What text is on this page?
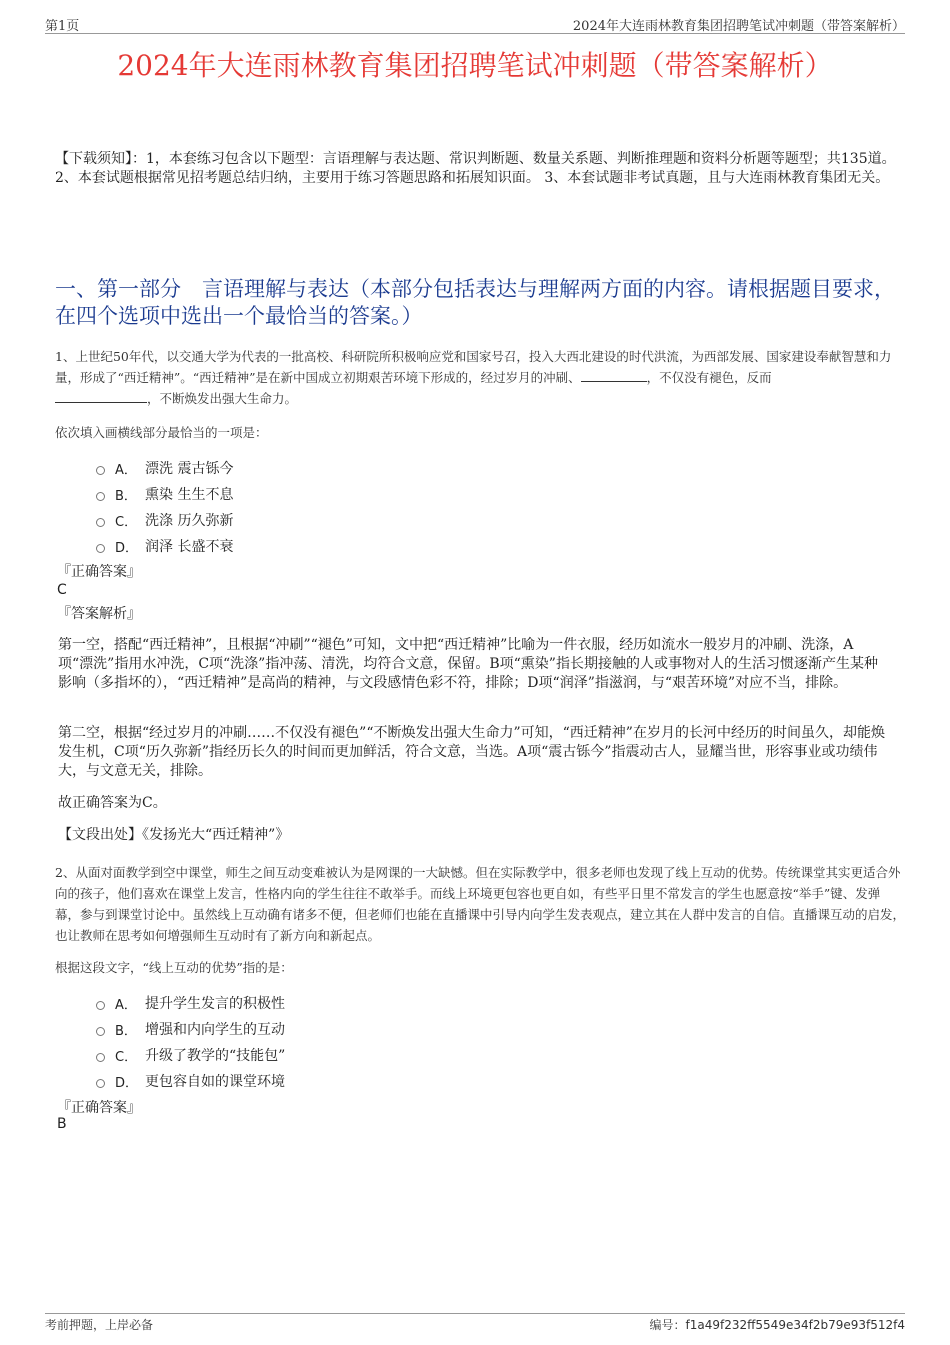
第1页	2024年大连雨林教育集团招聘笔试冲刺题（带答案解析）
2024年大连雨林教育集团招聘笔试冲刺题（带答案解析）
【下载须知】：1，本套练习包含以下题型：言语理解与表达题、常识判断题、数量关系题、判断推理题和资料分析题等题型；共135道。 2、本套试题根据常见招考题总结归纳，主要用于练习答题思路和拓展知识面。 3、本套试题非考试真题，且与大连雨林教育集团无关。
一、第一部分　言语理解与表达（本部分包括表达与理解两方面的内容。请根据题目要求，在四个选项中选出一个最恰当的答案。）
1、上世纪50年代，以交通大学为代表的一批高校、科研院所积极响应党和国家号召，投入大西北建设的时代洪流，为西部发展、国家建设奉献智慧和力量，形成了“西迁精神”。“西迁精神”是在新中国成立初期艰苦环境下形成的，经过岁月的冲刷、	，不仅没有褪色，反而
，不断焕发出强大生命力。
依次填入画横线部分最恰当的一项是：
A． 漂洗 震古铄今
B． 熏染 生生不息
C． 洗涤 历久弥新
D． 润泽 长盛不衰
『正确答案』
C
『答案解析』
第一空，搭配“西迁精神”，且根据“冲刷”“褪色”可知，文中把“西迁精神”比喻为一件衣服，经历如流水一般岁月的冲刷、洗涤，A项“漂洗”指用水冲洗，C项“洗涤”指冲荡、清洗，均符合文意，保留。B项“熏染”指长期接触的人或事物对人的生活习惯逐渐产生某种影响（多指坏的），“西迁精神”是高尚的精神，与文段感情色彩不符，排除；D项“润泽”指滋润，与“艰苦环境”对应不当，排除。
第二空，根据“经过岁月的冲刷……不仅没有褪色”“不断焕发出强大生命力”可知，“西迁精神”在岁月的长河中经历的时间虽久，却能焕发生机，C项“历久弥新”指经历长久的时间而更加鲜活，符合文意，当选。A项“震古铄今”指震动古人，显耀当世，形容事业或功绩伟大，与文意无关，排除。
故正确答案为C。
【文段出处】《发扬光大“西迁精神”》
2、从面对面教学到空中课堂，师生之间互动变难被认为是网课的一大缺憾。但在实际教学中，很多老师也发现了线上互动的优势。传统课堂其实更适合外向的孩子，他们喜欢在课堂上发言，性格内向的学生往往不敢举手。而线上环境更包容也更自如，有些平日里不常发言的学生也愿意按“举手”键、发弹幕，参与到课堂讨论中。虽然线上互动确有诸多不便，但老师们也能在直播课中引导内向学生发表观点，建立其在人群中发言的自信。直播课互动的启发，也让教师在思考如何增强师生互动时有了新方向和新起点。
根据这段文字，“线上互动的优势”指的是：
A． 提升学生发言的积极性
B． 增强和内向学生的互动
C． 升级了教学的“技能包”
D． 更包容自如的课堂环境
『正确答案』
B
考前押题，上岸必备	编号：f1a49f232ff5549e34f2b79e93f512f4
